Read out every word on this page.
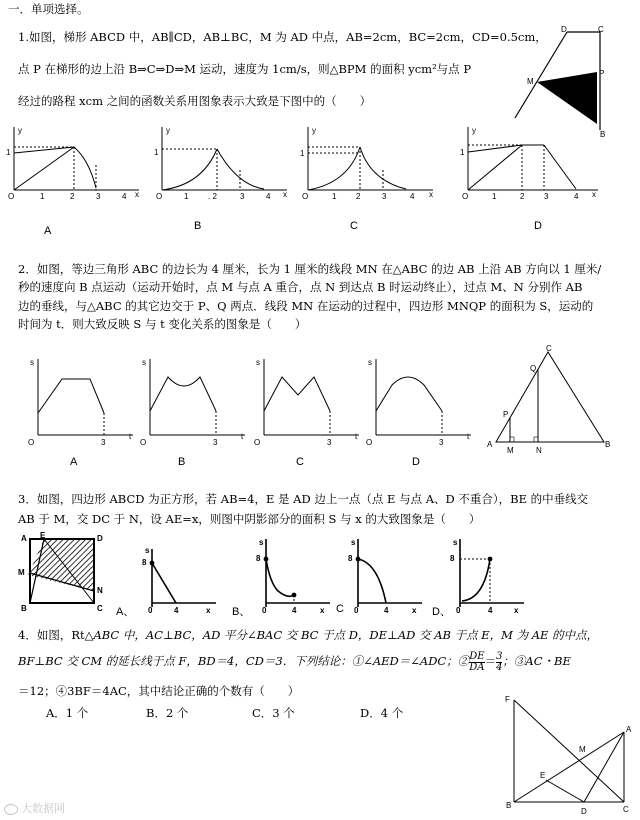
一．单项选择。
1.如图，梯形 ABCD 中，AB∥CD，AB⊥BC，M 为 AD 中点，AB=2cm，BC=2cm，CD=0.5cm，
点 P 在梯形的边上沿 B⇒C⇒D⇒M 运动，速度为 1cm/s，则△BPM 的面积 ycm²与点 P
经过的路程 xcm 之间的函数关系用图象表示大致是下图中的（　　）
D	C
M
P
B
O
1
1	2	3	4 x
y
O
1
1 . 2	3	4 x
y
O
1
1 2	3	4 x
y
O
1
1	2 3	4 x
y
A	B	C	D
2．如图，等边三角形 ABC 的边长为 4 厘米，长为 1 厘米的线段 MN 在△ABC 的边 AB 上沿 AB 方向以 1 厘米/
秒的速度向 B 点运动（运动开始时，点 M 与点 A 重合，点 N 到达点 B 时运动终止），过点 M、N 分别作 AB
边的垂线，与△ABC 的其它边交于 P、Q 两点．线段 MN 在运动的过程中，四边形 MNQP 的面积为 S，运动的
时间为 t．则大致反映 S 与 t 变化关系的图象是（　　）
s
O	3
t
s
O	3
t
s
O	3
t
s
O	3
t
A	B	C	D
A	B
C
M	N
P
Q
3．如图，四边形 ABCD 为正方形，若 AB=4，E 是 AD 边上一点（点 E 与点 A、D 不重合），BE 的中垂线交
AB 于 M，交 DC 于 N，设 AE=x，则图中阴影部分的面积 S 与 x 的大致图象是（　　）
A E	D
M
N
B	C
s
8
0	4	x
s
8
0	4	x
s
8
0	4	x
s
8
0	4	x
A、	B、	C	D、
4．如图，Rt△ABC 中，AC⊥BC，AD 平分∠BAC 交 BC 于点 D，DE⊥AD 交 AB 于点 E，M 为 AE 的中点，
BF⊥BC 交 CM 的延长线于点 F，BD＝4，CD＝3．下列结论：①∠AED＝∠ADC；② $\frac{DE}{DA} = \frac{3}{4}$ ；③AC・BE
＝12；④3BF＝4AC，其中结论正确的个数有（　　）
A．1 个	B．2 个	C．3 个	D．4 个
F
A
M
E
B
D	C
大数据网
